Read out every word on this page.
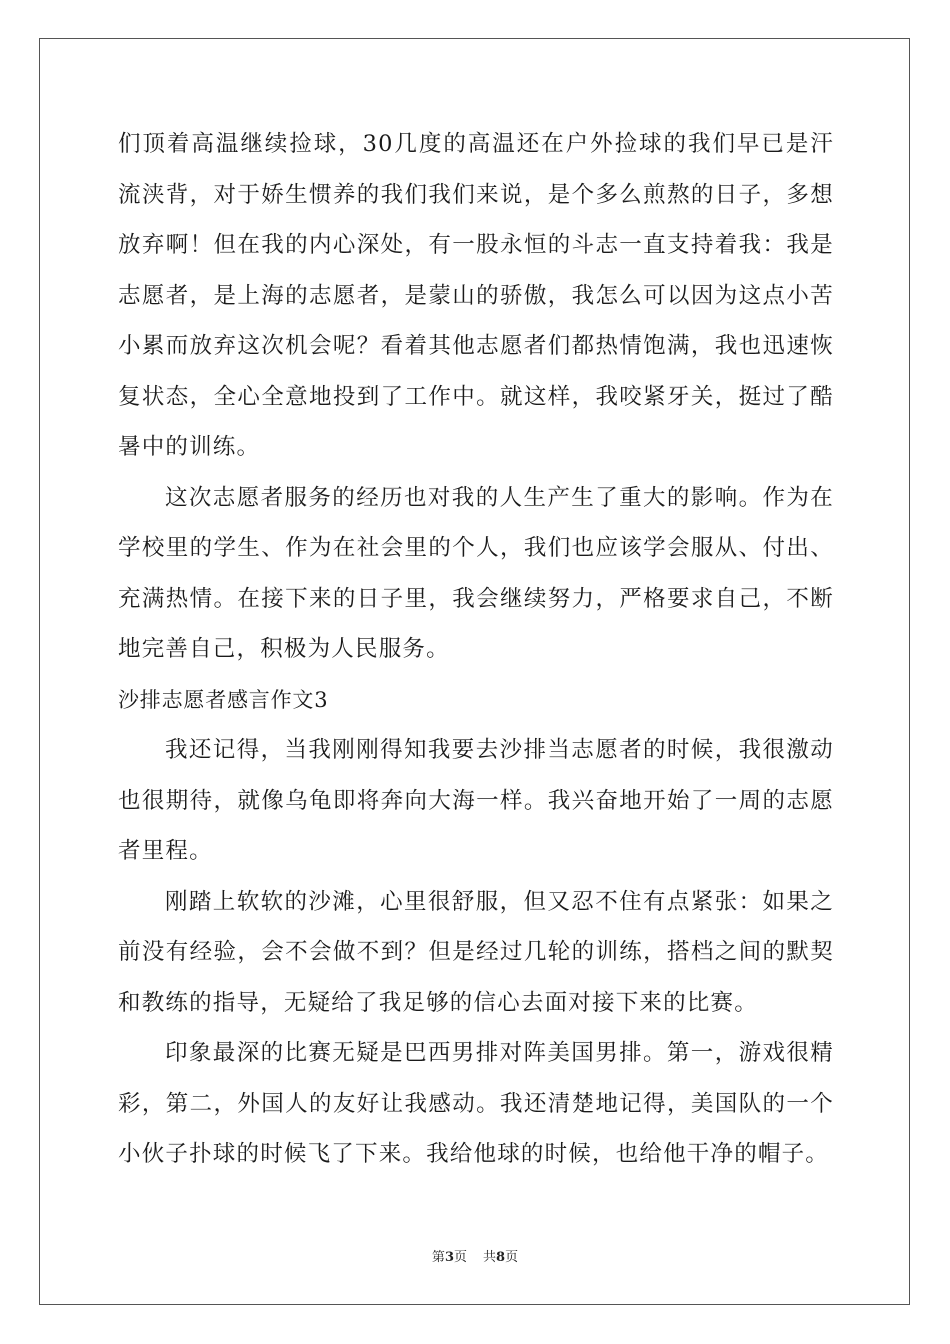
们顶着高温继续捡球，30几度的高温还在户外捡球的我们早已是汗流浃背，对于娇生惯养的我们我们来说，是个多么煎熬的日子，多想放弃啊！但在我的内心深处，有一股永恒的斗志一直支持着我：我是志愿者，是上海的志愿者，是蒙山的骄傲，我怎么可以因为这点小苦小累而放弃这次机会呢？看着其他志愿者们都热情饱满，我也迅速恢复状态，全心全意地投到了工作中。就这样，我咬紧牙关，挺过了酷暑中的训练。

这次志愿者服务的经历也对我的人生产生了重大的影响。作为在学校里的学生、作为在社会里的个人，我们也应该学会服从、付出、充满热情。在接下来的日子里，我会继续努力，严格要求自己，不断地完善自己，积极为人民服务。

沙排志愿者感言作文3

我还记得，当我刚刚得知我要去沙排当志愿者的时候，我很激动也很期待，就像乌龟即将奔向大海一样。我兴奋地开始了一周的志愿者里程。

刚踏上软软的沙滩，心里很舒服，但又忍不住有点紧张：如果之前没有经验，会不会做不到？但是经过几轮的训练，搭档之间的默契和教练的指导，无疑给了我足够的信心去面对接下来的比赛。

印象最深的比赛无疑是巴西男排对阵美国男排。第一，游戏很精彩，第二，外国人的友好让我感动。我还清楚地记得，美国队的一个小伙子扑球的时候飞了下来。我给他球的时候，也给他干净的帽子。

第3页 共8页
